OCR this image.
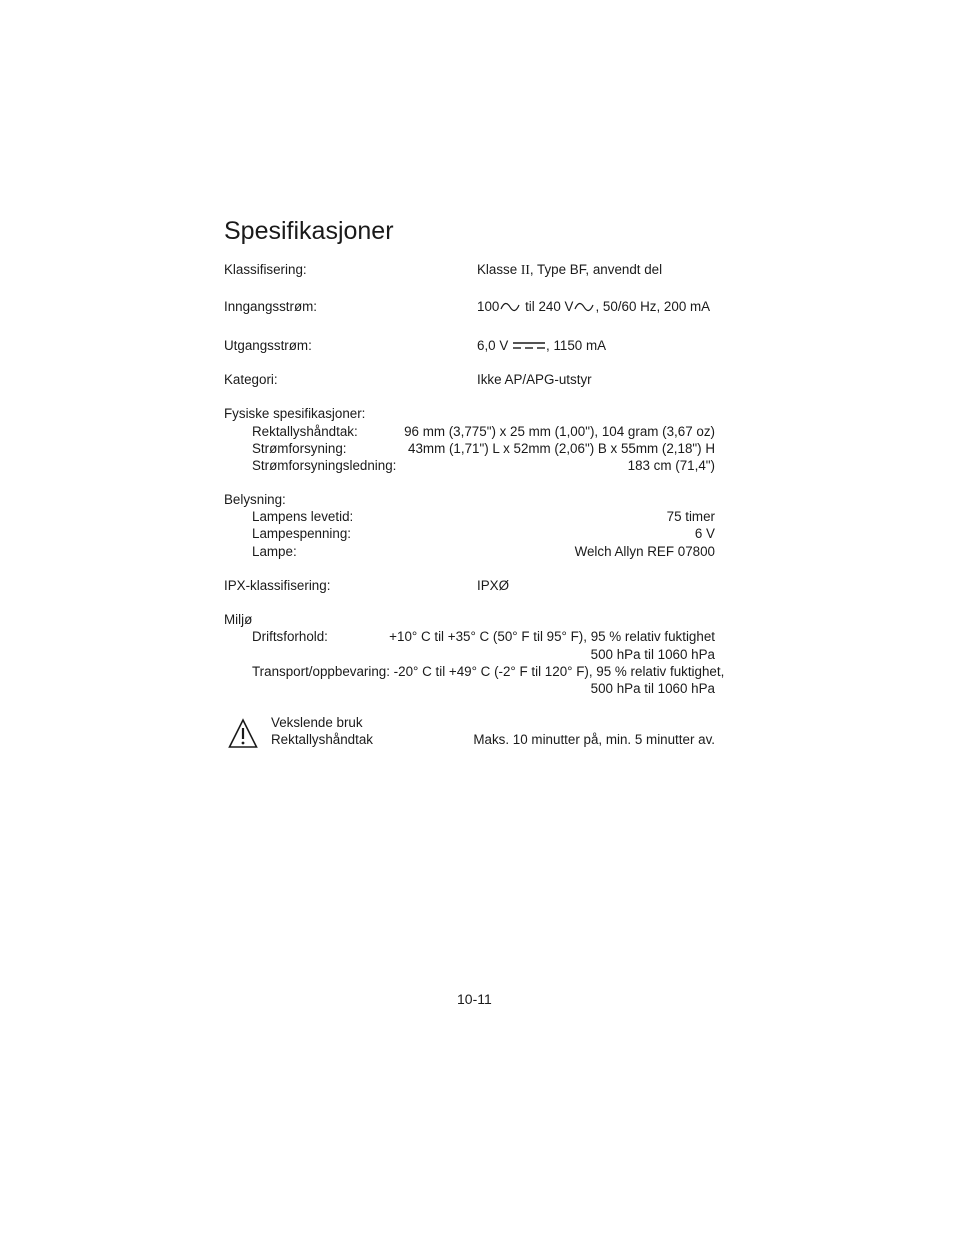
Spesifikasjoner
Klassifisering:	Klasse II, Type BF, anvendt del
Inngangsstrøm:	100 til 240 V , 50/60 Hz, 200 mA
Utgangsstrøm:	6,0 V	, 1150 mA
Kategori:	Ikke AP/APG-utstyr
Fysiske spesifikasjoner:
Rektallyshåndtak:	96 mm (3,775") x 25 mm (1,00"), 104 gram (3,67 oz)
Strømforsyning:	43mm (1,71") L x 52mm (2,06") B x 55mm (2,18") H
Strømforsyningsledning:	183 cm (71,4")
Belysning:
Lampens levetid:	75 timer
Lampespenning:	6 V
Lampe:	Welch Allyn REF 07800
IPX-klassifisering:	IPXØ
Miljø
Driftsforhold:	+10° C til +35° C (50° F til 95° F), 95 % relativ fuktighet
500 hPa til 1060 hPa
Transport/oppbevaring: -20° C til +49° C (-2° F til 120° F), 95 % relativ fuktighet,
500 hPa til 1060 hPa
Vekslende bruk
Rektallyshåndtak	Maks. 10 minutter på, min. 5 minutter av.
10-11
